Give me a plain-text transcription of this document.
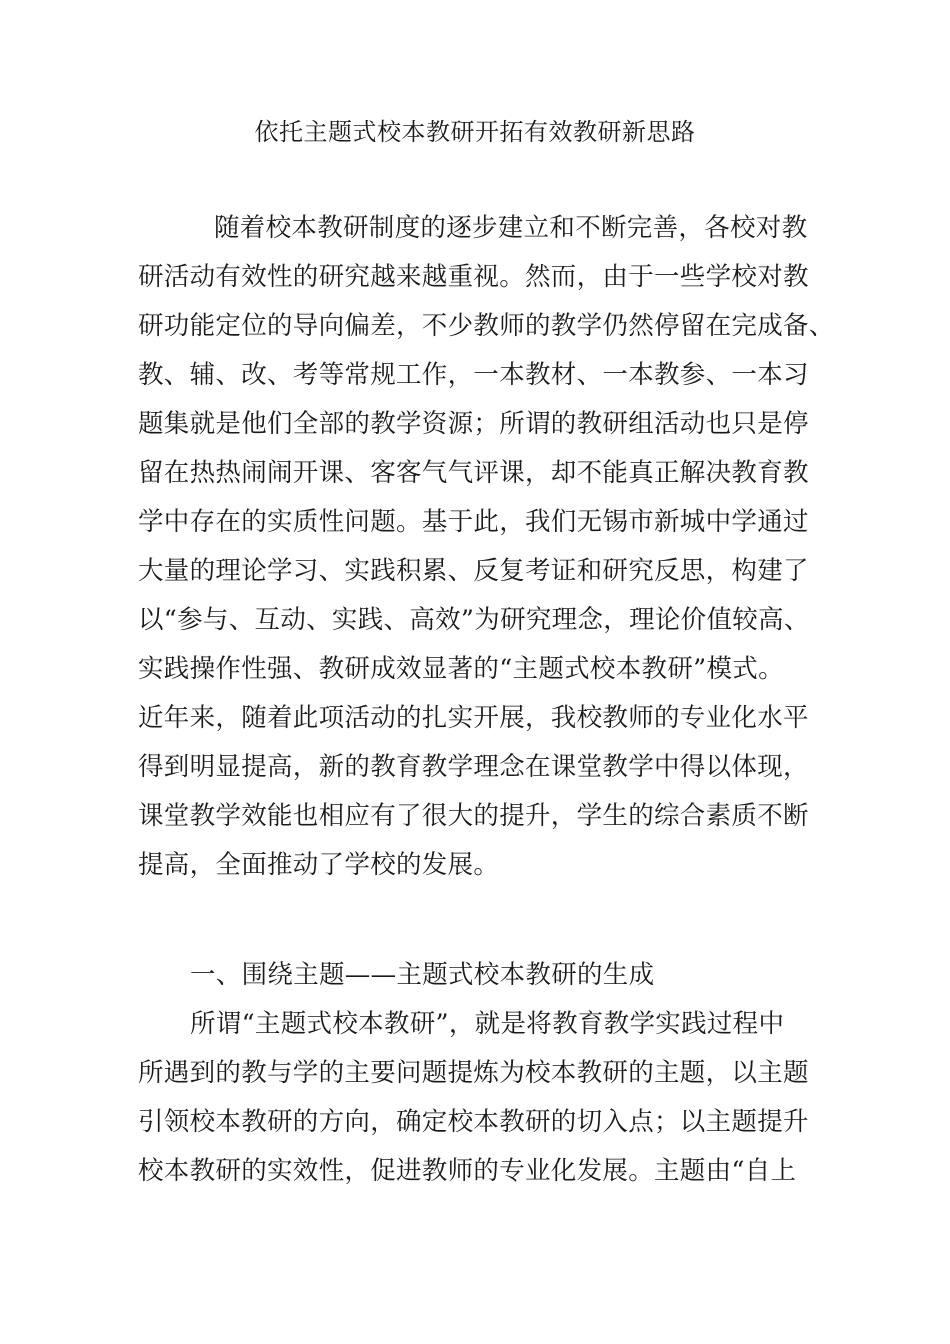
依托主题式校本教研开拓有效教研新思路
随着校本教研制度的逐步建立和不断完善，各校对教
研活动有效性的研究越来越重视。然而，由于一些学校对教
研功能定位的导向偏差，不少教师的教学仍然停留在完成备、
教、辅、改、考等常规工作，一本教材、一本教参、一本习
题集就是他们全部的教学资源；所谓的教研组活动也只是停
留在热热闹闹开课、客客气气评课，却不能真正解决教育教
学中存在的实质性问题。基于此，我们无锡市新城中学通过
大量的理论学习、实践积累、反复考证和研究反思，构建了
以“参与、互动、实践、高效”为研究理念，理论价值较高、
实践操作性强、教研成效显著的“主题式校本教研”模式。
近年来，随着此项活动的扎实开展，我校教师的专业化水平
得到明显提高，新的教育教学理念在课堂教学中得以体现，
课堂教学效能也相应有了很大的提升，学生的综合素质不断
提高，全面推动了学校的发展。
一、围绕主题——主题式校本教研的生成
所谓“主题式校本教研”，就是将教育教学实践过程中
所遇到的教与学的主要问题提炼为校本教研的主题，以主题
引领校本教研的方向，确定校本教研的切入点；以主题提升
校本教研的实效性，促进教师的专业化发展。主题由“自上
